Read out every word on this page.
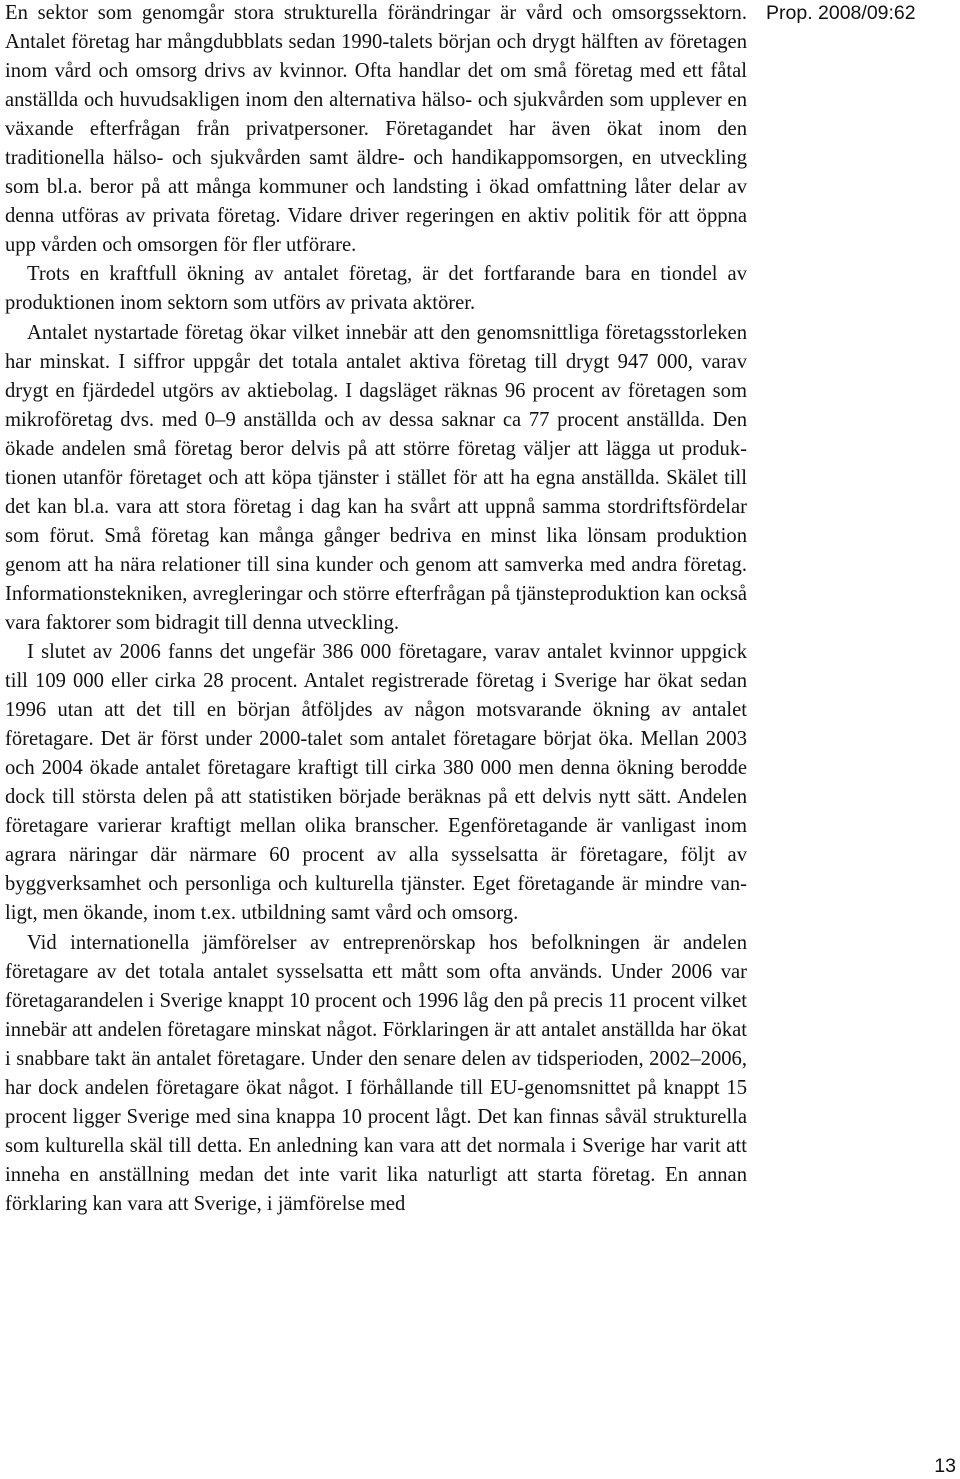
En sektor som genomgår stora strukturella förändringar är vård och omsorgssektorn. Antalet företag har mångdubblats sedan 1990-talets början och drygt hälften av företagen inom vård och omsorg drivs av kvinnor. Ofta handlar det om små företag med ett fåtal anställda och huvudsakligen inom den alternativa hälso- och sjukvården som upplever en växande efterfrågan från privatpersoner. Företagandet har även ökat inom den traditionella hälso- och sjukvården samt äldre- och handikappomsorgen, en utveckling som bl.a. beror på att många kommuner och landsting i ökad omfattning låter delar av denna utföras av privata företag. Vidare driver regeringen en aktiv politik för att öppna upp vården och omsorgen för fler utförare.

Trots en kraftfull ökning av antalet företag, är det fortfarande bara en tiondel av produktionen inom sektorn som utförs av privata aktörer.

Antalet nystartade företag ökar vilket innebär att den genomsnittliga företagsstorleken har minskat. I siffror uppgår det totala antalet aktiva företag till drygt 947 000, varav drygt en fjärdedel utgörs av aktiebolag. I dagsläget räknas 96 procent av företagen som mikroföretag dvs. med 0–9 anställda och av dessa saknar ca 77 procent anställda. Den ökade andelen små företag beror delvis på att större företag väljer att lägga ut produktionen utanför företaget och att köpa tjänster i stället för att ha egna anställda. Skälet till det kan bl.a. vara att stora företag i dag kan ha svårt att uppnå samma stordriftsfördelar som förut. Små företag kan många gånger bedriva en minst lika lönsam produktion genom att ha nära relationer till sina kunder och genom att samverka med andra företag. Informationstekniken, avregleringar och större efterfrågan på tjänsteproduktion kan också vara faktorer som bidragit till denna utveckling.

I slutet av 2006 fanns det ungefär 386 000 företagare, varav antalet kvinnor uppgick till 109 000 eller cirka 28 procent. Antalet registrerade företag i Sverige har ökat sedan 1996 utan att det till en början åtföljdes av någon motsvarande ökning av antalet företagare. Det är först under 2000-talet som antalet företagare börjat öka. Mellan 2003 och 2004 ökade antalet företagare kraftigt till cirka 380 000 men denna ökning berodde dock till största delen på att statistiken började beräknas på ett delvis nytt sätt. Andelen företagare varierar kraftigt mellan olika branscher. Egenföretagande är vanligast inom agrara näringar där närmare 60 procent av alla sysselsatta är företagare, följt av byggverksamhet och personliga och kulturella tjänster. Eget företagande är mindre vanligt, men ökande, inom t.ex. utbildning samt vård och omsorg.

Vid internationella jämförelser av entreprenörskap hos befolkningen är andelen företagare av det totala antalet sysselsatta ett mått som ofta används. Under 2006 var företagarandelen i Sverige knappt 10 procent och 1996 låg den på precis 11 procent vilket innebär att andelen företagare minskat något. Förklaringen är att antalet anställda har ökat i snabbare takt än antalet företagare. Under den senare delen av tidsperioden, 2002–2006, har dock andelen företagare ökat något. I förhållande till EU-genomsnittet på knappt 15 procent ligger Sverige med sina knappa 10 procent lågt. Det kan finnas såväl strukturella som kulturella skäl till detta. En anledning kan vara att det normala i Sverige har varit att inneha en anställning medan det inte varit lika naturligt att starta företag. En annan förklaring kan vara att Sverige, i jämförelse med

Prop. 2008/09:62
13
